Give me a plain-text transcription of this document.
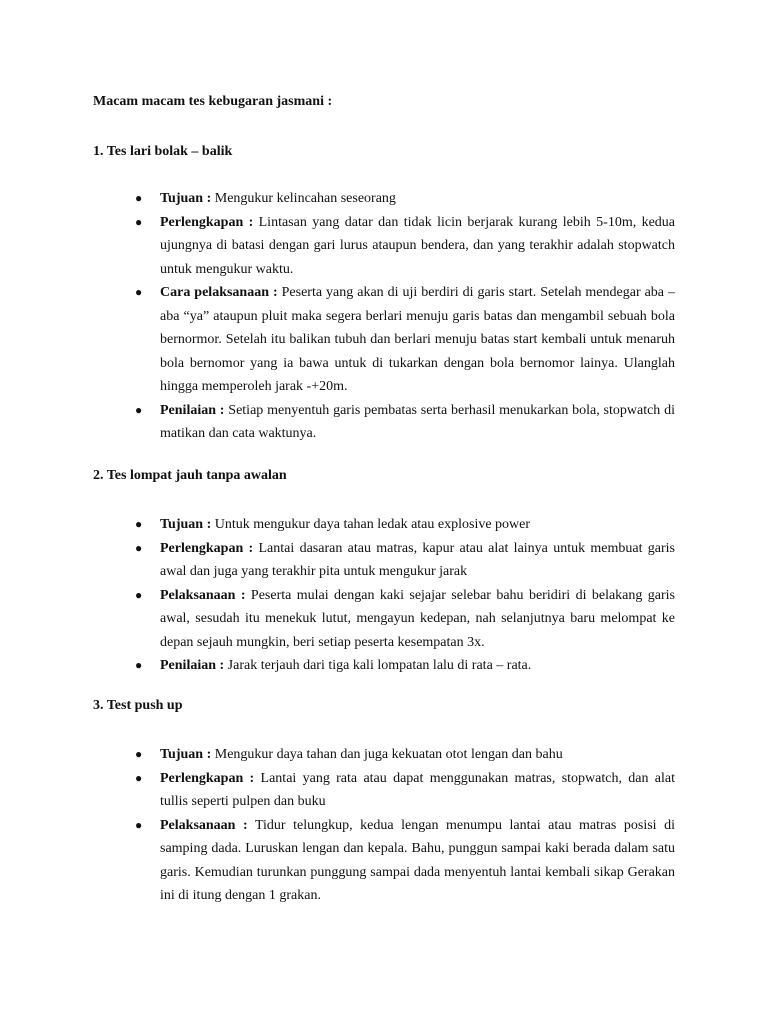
Macam macam tes kebugaran jasmani :
1. Tes lari bolak – balik
● Tujuan : Mengukur kelincahan seseorang
● Perlengkapan : Lintasan yang datar dan tidak licin berjarak kurang lebih 5-10m, kedua ujungnya di batasi dengan gari lurus ataupun bendera, dan yang terakhir adalah stopwatch untuk mengukur waktu.
● Cara pelaksanaan : Peserta yang akan di uji berdiri di garis start. Setelah mendegar aba – aba “ya” ataupun pluit maka segera berlari menuju garis batas dan mengambil sebuah bola bernormor. Setelah itu balikan tubuh dan berlari menuju batas start kembali untuk menaruh bola bernomor yang ia bawa untuk di tukarkan dengan bola bernomor lainya. Ulanglah hingga memperoleh jarak -+20m.
● Penilaian : Setiap menyentuh garis pembatas serta berhasil menukarkan bola, stopwatch di matikan dan cata waktunya.
2. Tes lompat jauh tanpa awalan
● Tujuan : Untuk mengukur daya tahan ledak atau explosive power
● Perlengkapan : Lantai dasaran atau matras, kapur atau alat lainya untuk membuat garis awal dan juga yang terakhir pita untuk mengukur jarak
● Pelaksanaan : Peserta mulai dengan kaki sejajar selebar bahu beridiri di belakang garis awal, sesudah itu menekuk lutut, mengayun kedepan, nah selanjutnya baru melompat ke depan sejauh mungkin, beri setiap peserta kesempatan 3x.
● Penilaian : Jarak terjauh dari tiga kali lompatan lalu di rata – rata.
3. Test push up
● Tujuan : Mengukur daya tahan dan juga kekuatan otot lengan dan bahu
● Perlengkapan : Lantai yang rata atau dapat menggunakan matras, stopwatch, dan alat tullis seperti pulpen dan buku
● Pelaksanaan : Tidur telungkup, kedua lengan menumpu lantai atau matras posisi di samping dada. Luruskan lengan dan kepala. Bahu, punggun sampai kaki berada dalam satu garis. Kemudian turunkan punggung sampai dada menyentuh lantai kembali sikap Gerakan ini di itung dengan 1 grakan.
